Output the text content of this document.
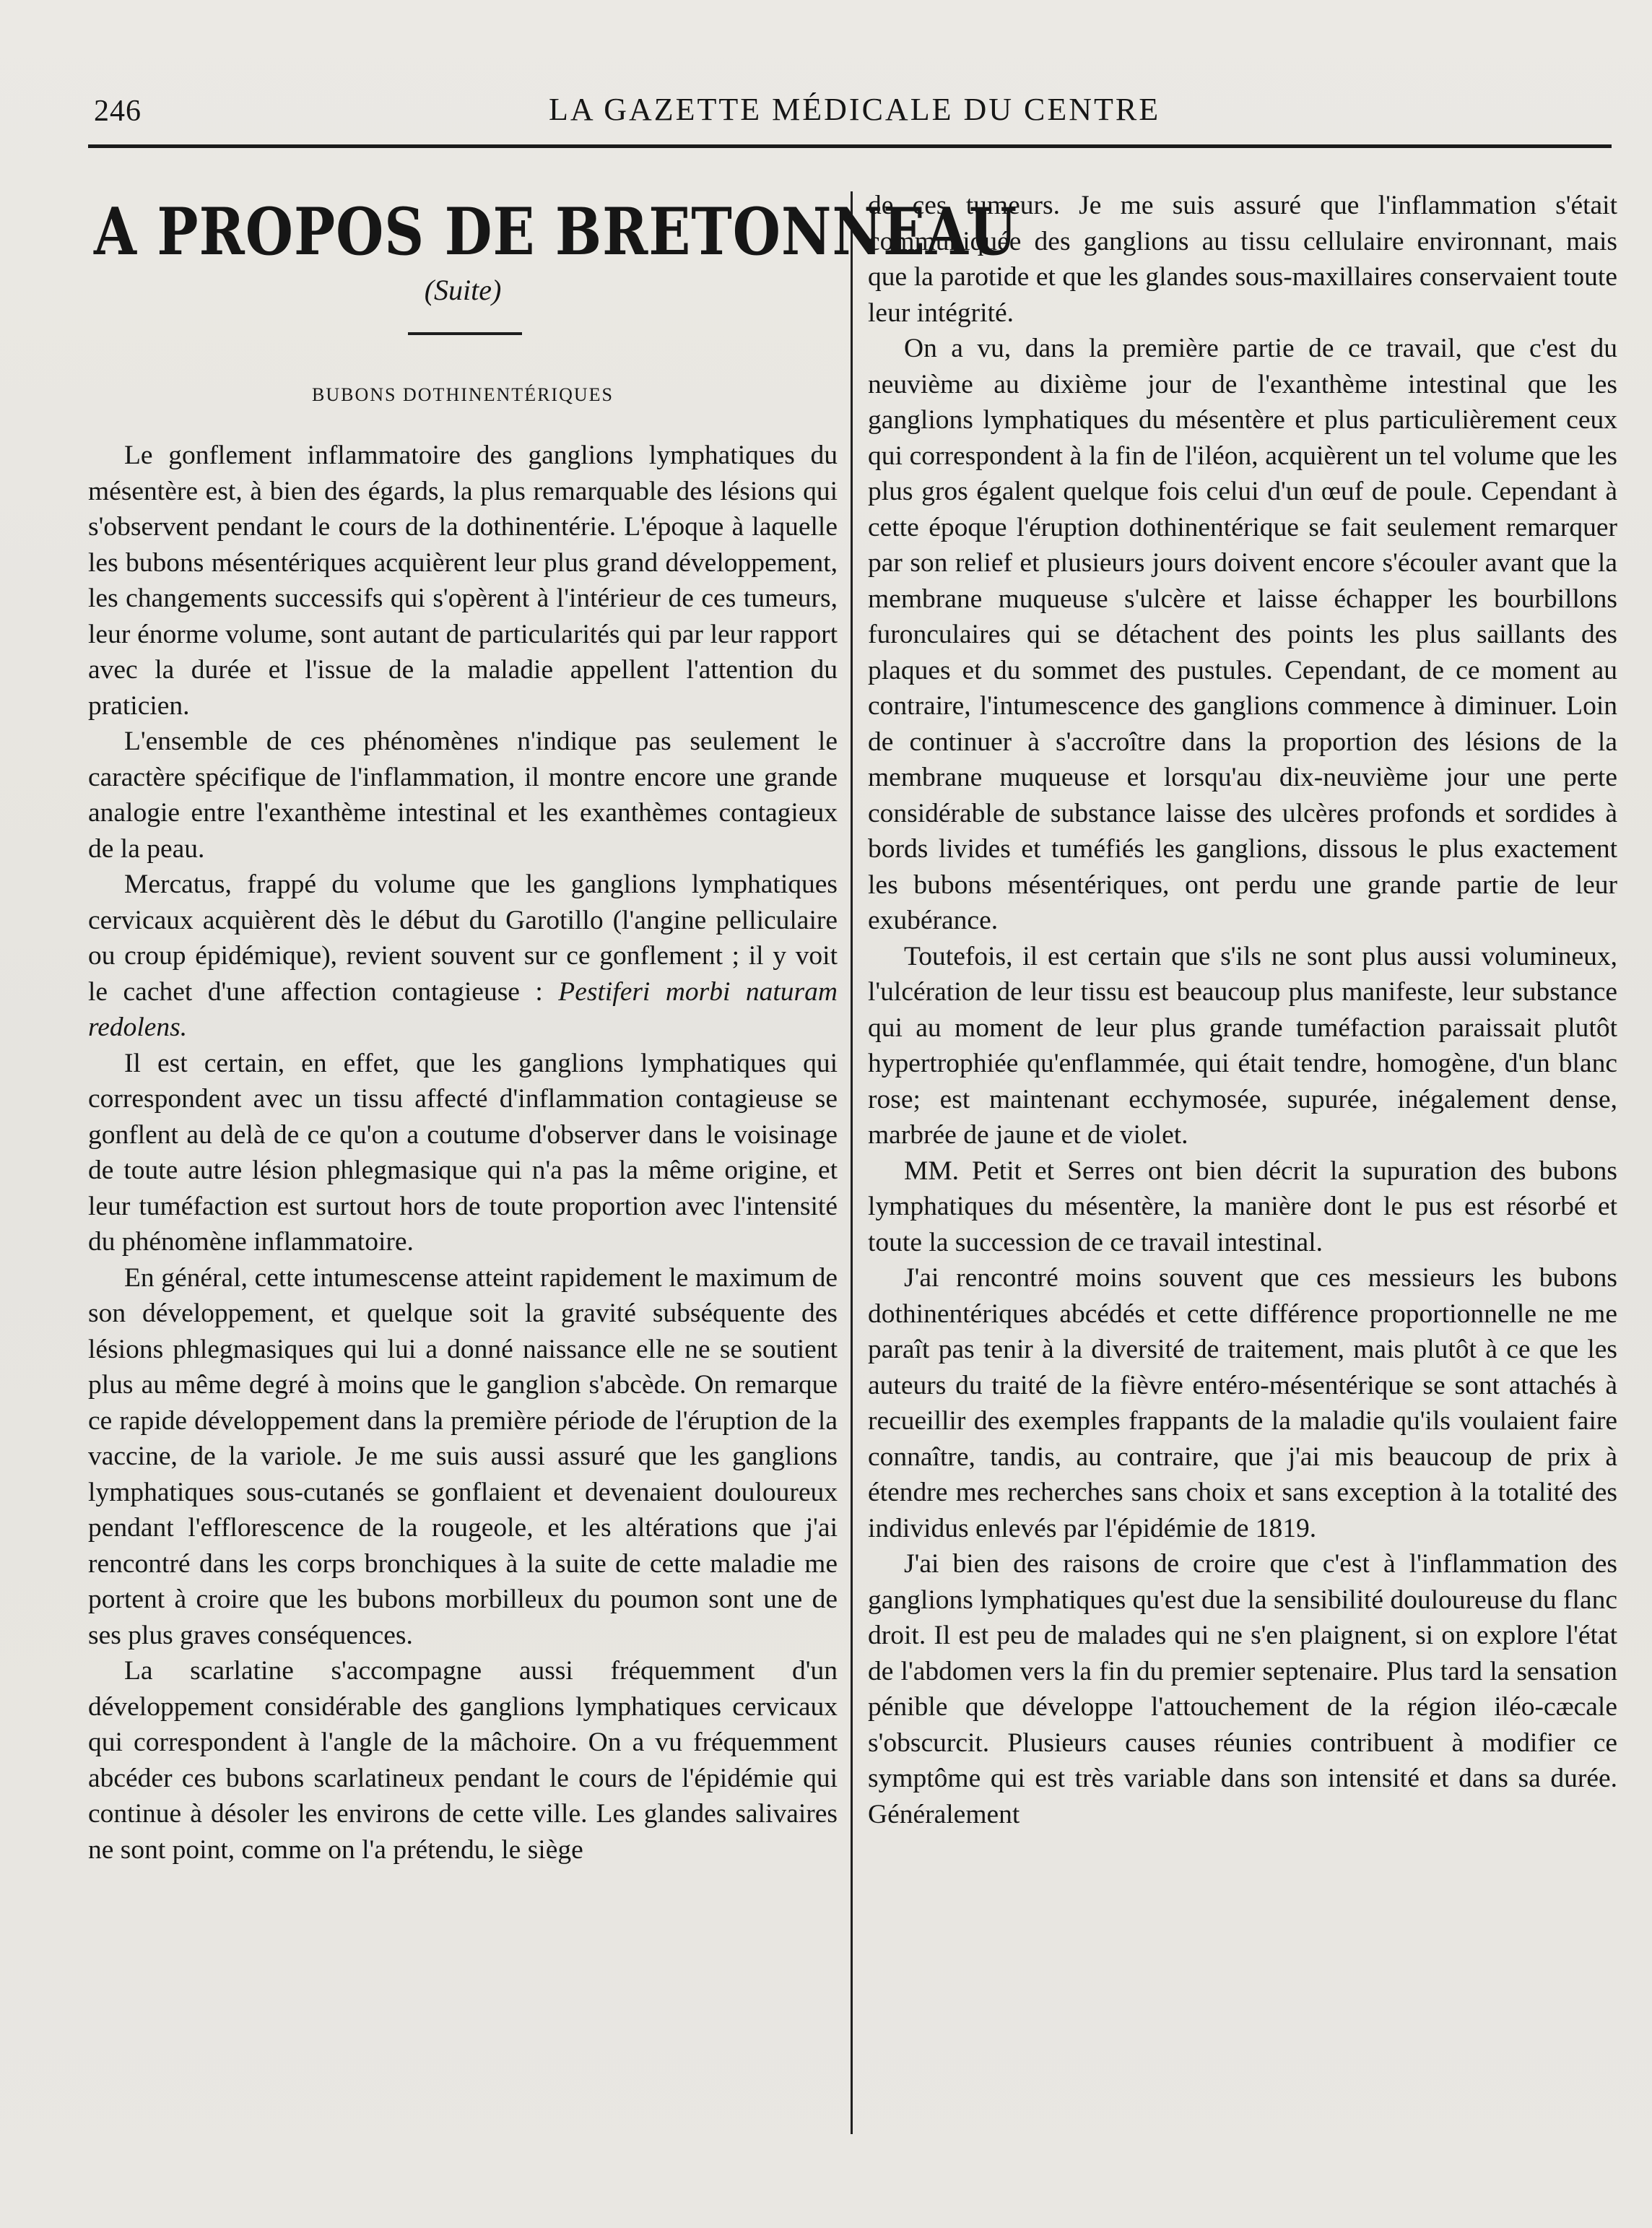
246	LA GAZETTE MÉDICALE DU CENTRE
A PROPOS DE BRETONNEAU
(Suite)
BUBONS DOTHINENTÉRIQUES

Le gonflement inflammatoire des ganglions lymphatiques du mésentère est, à bien des égards, la plus remarquable des lésions qui s'observent pendant le cours de la dothinentérie. L'époque à laquelle les bubons mésentériques acquièrent leur plus grand développement, les changements successifs qui s'opèrent à l'intérieur de ces tumeurs, leur énorme volume, sont autant de particularités qui par leur rapport avec la durée et l'issue de la maladie appellent l'attention du praticien.

L'ensemble de ces phénomènes n'indique pas seulement le caractère spécifique de l'inflammation, il montre encore une grande analogie entre l'exanthème intestinal et les exanthèmes contagieux de la peau.

Mercatus, frappé du volume que les ganglions lymphatiques cervicaux acquièrent dès le début du Garotillo (l'angine pelliculaire ou croup épidémique), revient souvent sur ce gonflement ; il y voit le cachet d'une affection contagieuse : Pestiferi morbi naturam redolens.

Il est certain, en effet, que les ganglions lymphatiques qui correspondent avec un tissu affecté d'inflammation contagieuse se gonflent au delà de ce qu'on a coutume d'observer dans le voisinage de toute autre lésion phlegmasique qui n'a pas la même origine, et leur tuméfaction est surtout hors de toute proportion avec l'intensité du phénomène inflammatoire.

En général, cette intumescense atteint rapidement le maximum de son développement, et quelque soit la gravité subséquente des lésions phlegmasiques qui lui a donné naissance elle ne se soutient plus au même degré à moins que le ganglion s'abcède. On remarque ce rapide développement dans la première période de l'éruption de la vaccine, de la variole. Je me suis aussi assuré que les ganglions lymphatiques sous-cutanés se gonflaient et devenaient douloureux pendant l'efflorescence de la rougeole, et les altérations que j'ai rencontré dans les corps bronchiques à la suite de cette maladie me portent à croire que les bubons morbilleux du poumon sont une de ses plus graves conséquences.

La scarlatine s'accompagne aussi fréquemment d'un développement considérable des ganglions lymphatiques cervicaux qui correspondent à l'angle de la mâchoire. On a vu fréquemment abcéder ces bubons scarlatineux pendant le cours de l'épidémie qui continue à désoler les environs de cette ville. Les glandes salivaires ne sont point, comme on l'a prétendu, le siège

de ces tumeurs. Je me suis assuré que l'inflammation s'était communiquée des ganglions au tissu cellulaire environnant, mais que la parotide et que les glandes sous-maxillaires conservaient toute leur intégrité.

On a vu, dans la première partie de ce travail, que c'est du neuvième au dixième jour de l'exanthème intestinal que les ganglions lymphatiques du mésentère et plus particulièrement ceux qui correspondent à la fin de l'iléon, acquièrent un tel volume que les plus gros égalent quelque fois celui d'un œuf de poule. Cependant à cette époque l'éruption dothinentérique se fait seulement remarquer par son relief et plusieurs jours doivent encore s'écouler avant que la membrane muqueuse s'ulcère et laisse échapper les bourbillons furonculaires qui se détachent des points les plus saillants des plaques et du sommet des pustules. Cependant, de ce moment au contraire, l'intumescence des ganglions commence à diminuer. Loin de continuer à s'accroître dans la proportion des lésions de la membrane muqueuse et lorsqu'au dix-neuvième jour une perte considérable de substance laisse des ulcères profonds et sordides à bords livides et tuméfiés les ganglions, dissous le plus exactement les bubons mésentériques, ont perdu une grande partie de leur exubérance.

Toutefois, il est certain que s'ils ne sont plus aussi volumineux, l'ulcération de leur tissu est beaucoup plus manifeste, leur substance qui au moment de leur plus grande tuméfaction paraissait plutôt hypertrophiée qu'enflammée, qui était tendre, homogène, d'un blanc rose; est maintenant ecchymosée, supurée, inégalement dense, marbrée de jaune et de violet.

MM. Petit et Serres ont bien décrit la supuration des bubons lymphatiques du mésentère, la manière dont le pus est résorbé et toute la succession de ce travail intestinal.

J'ai rencontré moins souvent que ces messieurs les bubons dothinentériques abcédés et cette différence proportionnelle ne me paraît pas tenir à la diversité de traitement, mais plutôt à ce que les auteurs du traité de la fièvre entéro-mésentérique se sont attachés à recueillir des exemples frappants de la maladie qu'ils voulaient faire connaître, tandis, au contraire, que j'ai mis beaucoup de prix à étendre mes recherches sans choix et sans exception à la totalité des individus enlevés par l'épidémie de 1819.

J'ai bien des raisons de croire que c'est à l'inflammation des ganglions lymphatiques qu'est due la sensibilité douloureuse du flanc droit. Il est peu de malades qui ne s'en plaignent, si on explore l'état de l'abdomen vers la fin du premier septenaire. Plus tard la sensation pénible que développe l'attouchement de la région iléo-cæcale s'obscurcit. Plusieurs causes réunies contribuent à modifier ce symptôme qui est très variable dans son intensité et dans sa durée. Généralement
